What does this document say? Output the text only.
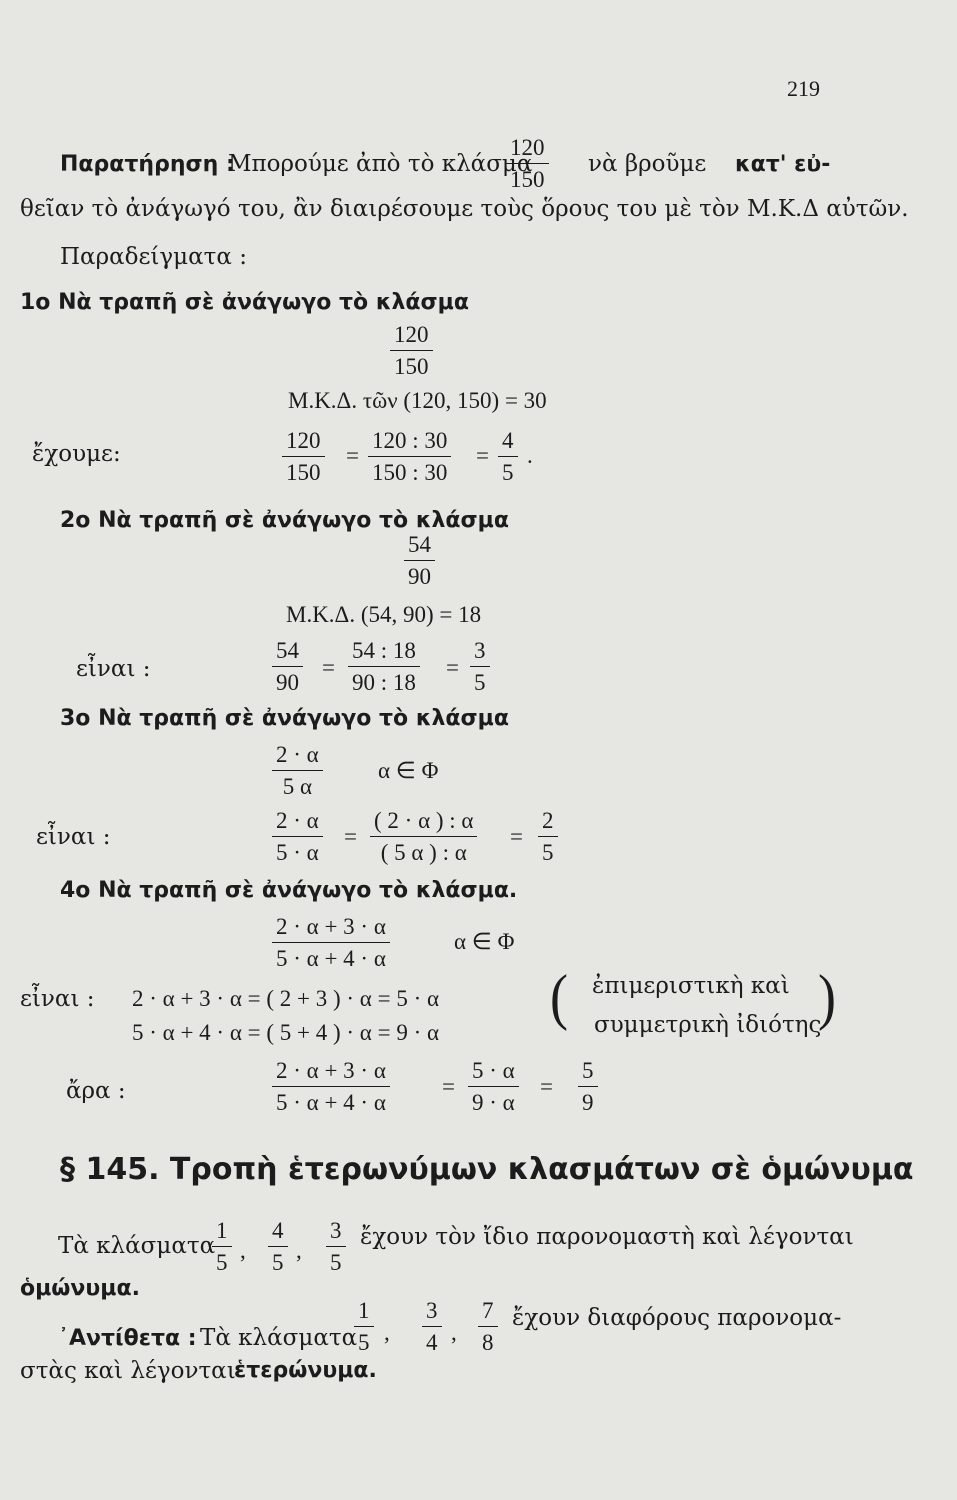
219
Παρατήρηση :
Μπορούμε ἀπὸ τὸ κλάσμα
$\frac{120}{150}$ νὰ βροῦμε κατ' εὐ-
θεῖαν τὸ ἀνάγωγό του, ἂν διαιρέσουμε τοὺς ὅρους του μὲ τὸν Μ.Κ.Δ αὐτῶν.
Παραδείγματα :
1ο Νὰ τραπῆ σὲ ἀνάγωγο τὸ κλάσμα
$\frac{120}{150}$
Μ.Κ.Δ. τῶν (120, 150) = 30
ἔχουμε:	$\frac{120}{150} = \frac{120 : 30}{150 : 30} = \frac{4}{5}$ .
2ο Νὰ τραπῆ σὲ ἀνάγωγο τὸ κλάσμα
$\frac{54}{90}$
Μ.Κ.Δ. (54, 90) = 18
εἶναι :	$\frac{54}{90} = \frac{54 : 18}{90 : 18} = \frac{3}{5}$
3ο Νὰ τραπῆ σὲ ἀνάγωγο τὸ κλάσμα
$\frac{2 \cdot \alpha}{5 \alpha}$ α ∈ Φ
εἶναι :	$\frac{2 \cdot \alpha}{5 \cdot \alpha} = \frac{( 2 \cdot \alpha ) : \alpha}{( 5 \alpha ) : \alpha} = \frac{2}{5}$
4ο Νὰ τραπῆ σὲ ἀνάγωγο τὸ κλάσμα.
$\frac{2 \cdot \alpha + 3 \cdot \alpha}{5 \cdot \alpha + 4 \cdot \alpha}$	α ∈ Φ
εἶναι : 2 · α + 3 · α = ( 2 + 3 ) · α = 5 · α
5 · α + 4 · α = ( 5 + 4 ) · α = 9 · α
( ἐπιμεριστικὴ καὶ
συμμετρικὴ ἰδιότης
)
ἄρα :	$\frac{2 \cdot \alpha + 3 \cdot \alpha}{5 \cdot \alpha + 4 \cdot \alpha} = \frac{5 \cdot \alpha}{9 \cdot \alpha} = \frac{5}{9}$
§ 145. Τροπὴ ἑτερωνύμων κλασμάτων σὲ ὁμώνυμα
Τὰ κλάσματα
$\frac{1}{5}$ , $\frac{4}{5}$ , $\frac{3}{5}$ ἔχουν τὸν ἴδιο παρονομαστὴ καὶ λέγονται
ὁμώνυμα.
᾿Αντίθετα : Τὰ κλάσματα
$\frac{1}{5}$ , $\frac{3}{4}$ , $\frac{7}{8}$ ἔχουν διαφόρους παρονομα-
στὰς καὶ λέγονται
ἑτερώνυμα.
